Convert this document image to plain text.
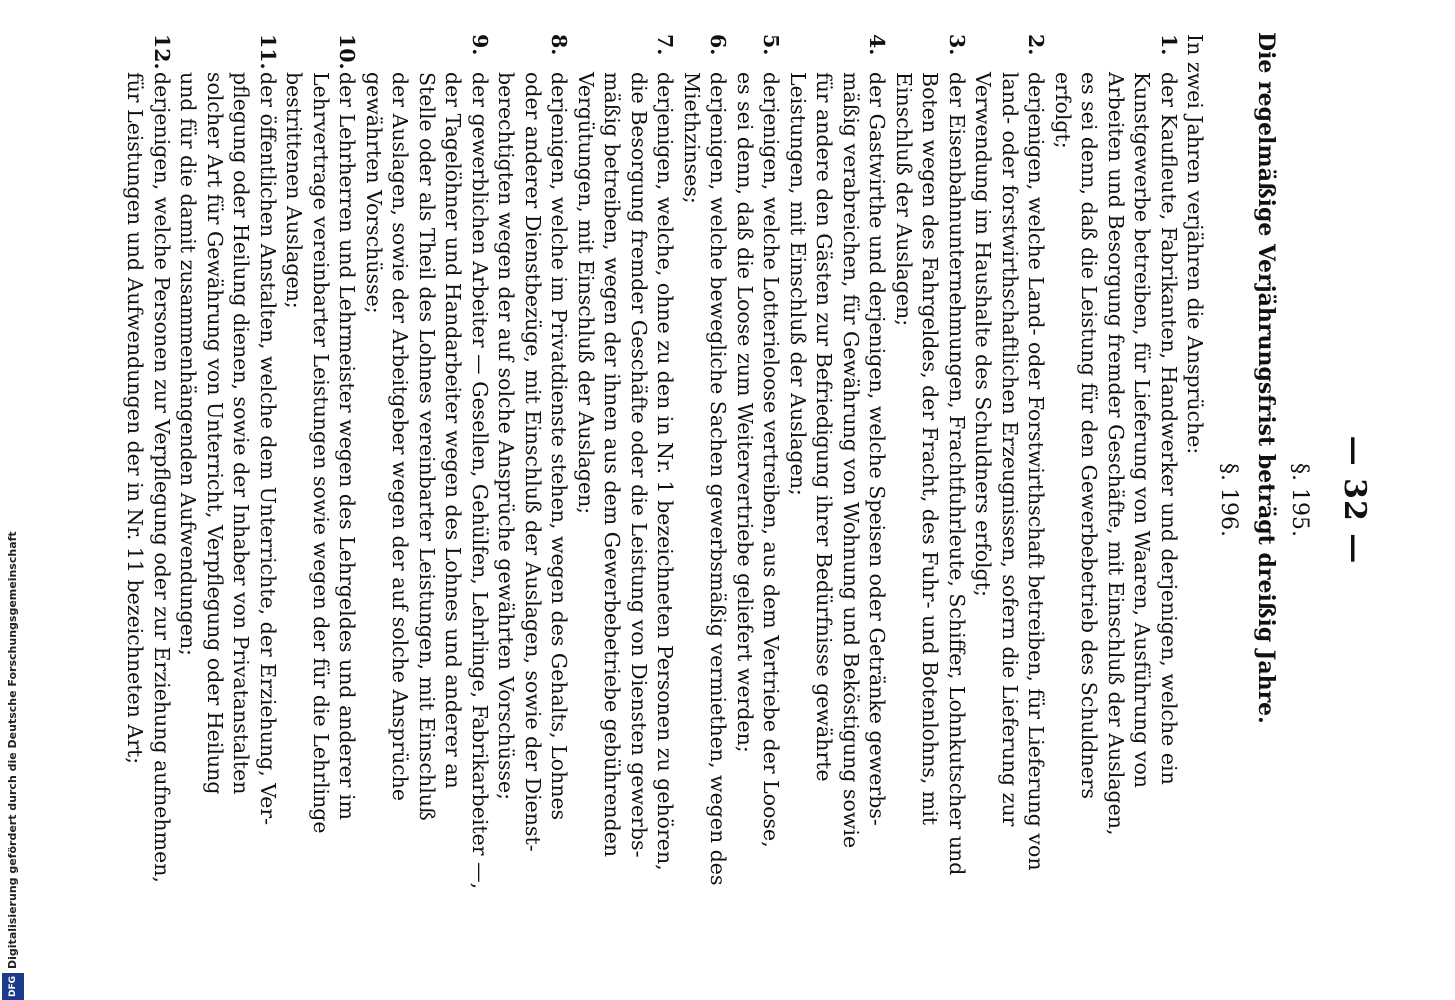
— 32 —
§. 195.
Die regelmäßige Verjährungsfrist beträgt dreißig Jahre.
§. 196.
In zwei Jahren verjähren die Ansprüche:
1.
der Kaufleute, Fabrikanten, Handwerker und derjenigen, welche ein
Kunstgewerbe betreiben, für Lieferung von Waaren, Ausführung von
Arbeiten und Besorgung fremder Geschäfte, mit Einschluß der Auslagen,
es sei denn, daß die Leistung für den Gewerbebetrieb des Schuldners
erfolgt;
2.
derjenigen, welche Land- oder Forstwirthschaft betreiben, für Lieferung von
land- oder forstwirthschaftlichen Erzeugnissen, sofern die Lieferung zur
Verwendung im Haushalte des Schuldners erfolgt;
3.
der Eisenbahnunternehmungen, Frachtfuhrleute, Schiffer, Lohnkutscher und
Boten wegen des Fahrgeldes, der Fracht, des Fuhr- und Botenlohns, mit
Einschluß der Auslagen;
4.
der Gastwirthe und derjenigen, welche Speisen oder Getränke gewerbs-
mäßig verabreichen, für Gewährung von Wohnung und Beköstigung sowie
für andere den Gästen zur Befriedigung ihrer Bedürfnisse gewährte
Leistungen, mit Einschluß der Auslagen;
5.
derjenigen, welche Lotterieloose vertreiben, aus dem Vertriebe der Loose,
es sei denn, daß die Loose zum Weitervertriebe geliefert werden;
6.
derjenigen, welche bewegliche Sachen gewerbsmäßig vermiethen, wegen des
Miethzinses;
7.
derjenigen, welche, ohne zu den in Nr. 1 bezeichneten Personen zu gehören,
die Besorgung fremder Geschäfte oder die Leistung von Diensten gewerbs-
mäßig betreiben, wegen der ihnen aus dem Gewerbebetriebe gebührenden
Vergütungen, mit Einschluß der Auslagen;
8.
derjenigen, welche im Privatdienste stehen, wegen des Gehalts, Lohnes
oder anderer Dienstbezüge, mit Einschluß der Auslagen, sowie der Dienst-
berechtigten wegen der auf solche Ansprüche gewährten Vorschüsse;
9.
der gewerblichen Arbeiter — Gesellen, Gehülfen, Lehrlinge, Fabrikarbeiter —,
der Tagelöhner und Handarbeiter wegen des Lohnes und anderer an
Stelle oder als Theil des Lohnes vereinbarter Leistungen, mit Einschluß
der Auslagen, sowie der Arbeitgeber wegen der auf solche Ansprüche
gewährten Vorschüsse;
10.
der Lehrherren und Lehrmeister wegen des Lehrgeldes und anderer im
Lehrvertrage vereinbarter Leistungen sowie wegen der für die Lehrlinge
bestrittenen Auslagen;
11.
der öffentlichen Anstalten, welche dem Unterrichte, der Erziehung, Ver-
pflegung oder Heilung dienen, sowie der Inhaber von Privatanstalten
solcher Art für Gewährung von Unterricht, Verpflegung oder Heilung
und für die damit zusammenhängenden Aufwendungen;
12.
derjenigen, welche Personen zur Verpflegung oder zur Erziehung aufnehmen,
für Leistungen und Aufwendungen der in Nr. 11 bezeichneten Art;
DFGDigitalisierung gefördert durch die Deutsche Forschungsgemeinschaft
